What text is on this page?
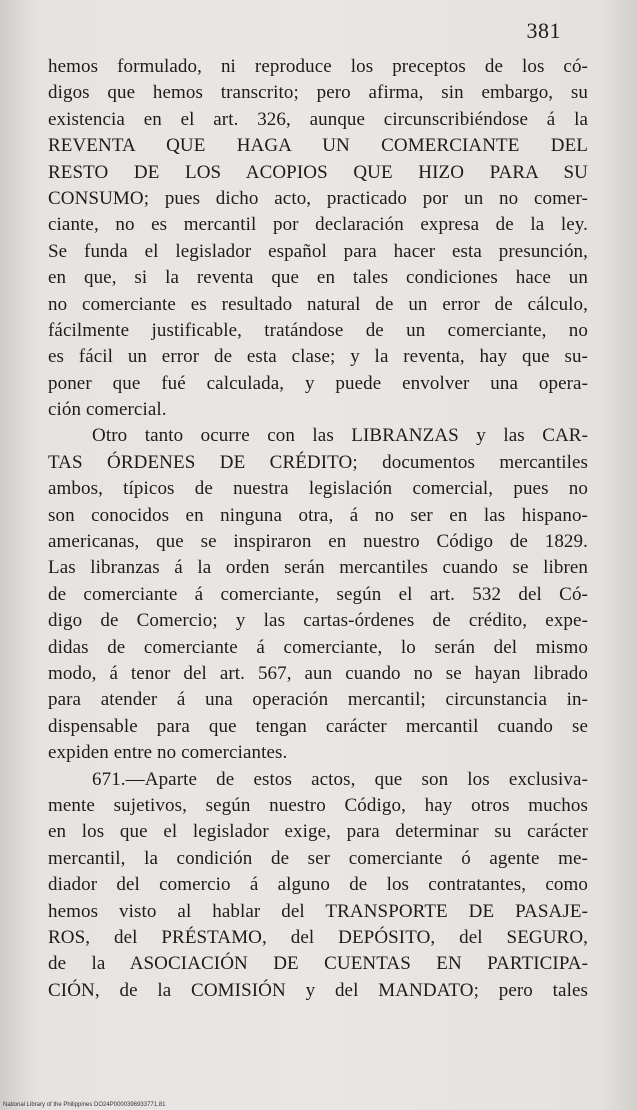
381
hemos formulado, ni reproduce los preceptos de los có-
digos que hemos transcrito; pero afirma, sin embargo, su
existencia en el art. 326, aunque circunscribiéndose á la
REVENTA QUE HAGA UN COMERCIANTE DEL
RESTO DE LOS ACOPIOS QUE HIZO PARA SU
CONSUMO; pues dicho acto, practicado por un no comer-
ciante, no es mercantil por declaración expresa de la ley.
Se funda el legislador español para hacer esta presunción,
en que, si la reventa que en tales condiciones hace un
no comerciante es resultado natural de un error de cálculo,
fácilmente justificable, tratándose de un comerciante, no
es fácil un error de esta clase; y la reventa, hay que su-
poner que fué calculada, y puede envolver una opera-
ción comercial.
Otro tanto ocurre con las LIBRANZAS y las CAR-
TAS ÓRDENES DE CRÉDITO; documentos mercantiles
ambos, típicos de nuestra legislación comercial, pues no
son conocidos en ninguna otra, á no ser en las hispano-
americanas, que se inspiraron en nuestro Código de 1829.
Las libranzas á la orden serán mercantiles cuando se libren
de comerciante á comerciante, según el art. 532 del Có-
digo de Comercio; y las cartas-órdenes de crédito, expe-
didas de comerciante á comerciante, lo serán del mismo
modo, á tenor del art. 567, aun cuando no se hayan librado
para atender á una operación mercantil; circunstancia in-
dispensable para que tengan carácter mercantil cuando se
expiden entre no comerciantes.
671.—Aparte de estos actos, que son los exclusiva-
mente sujetivos, según nuestro Código, hay otros muchos
en los que el legislador exige, para determinar su carácter
mercantil, la condición de ser comerciante ó agente me-
diador del comercio á alguno de los contratantes, como
hemos visto al hablar del TRANSPORTE DE PASAJE-
ROS, del PRÉSTAMO, del DEPÓSITO, del SEGURO,
de la ASOCIACIÓN DE CUENTAS EN PARTICIPA-
CIÓN, de la COMISIÓN y del MANDATO; pero tales
National Library of the Philippines DO24P0000396933771.81
